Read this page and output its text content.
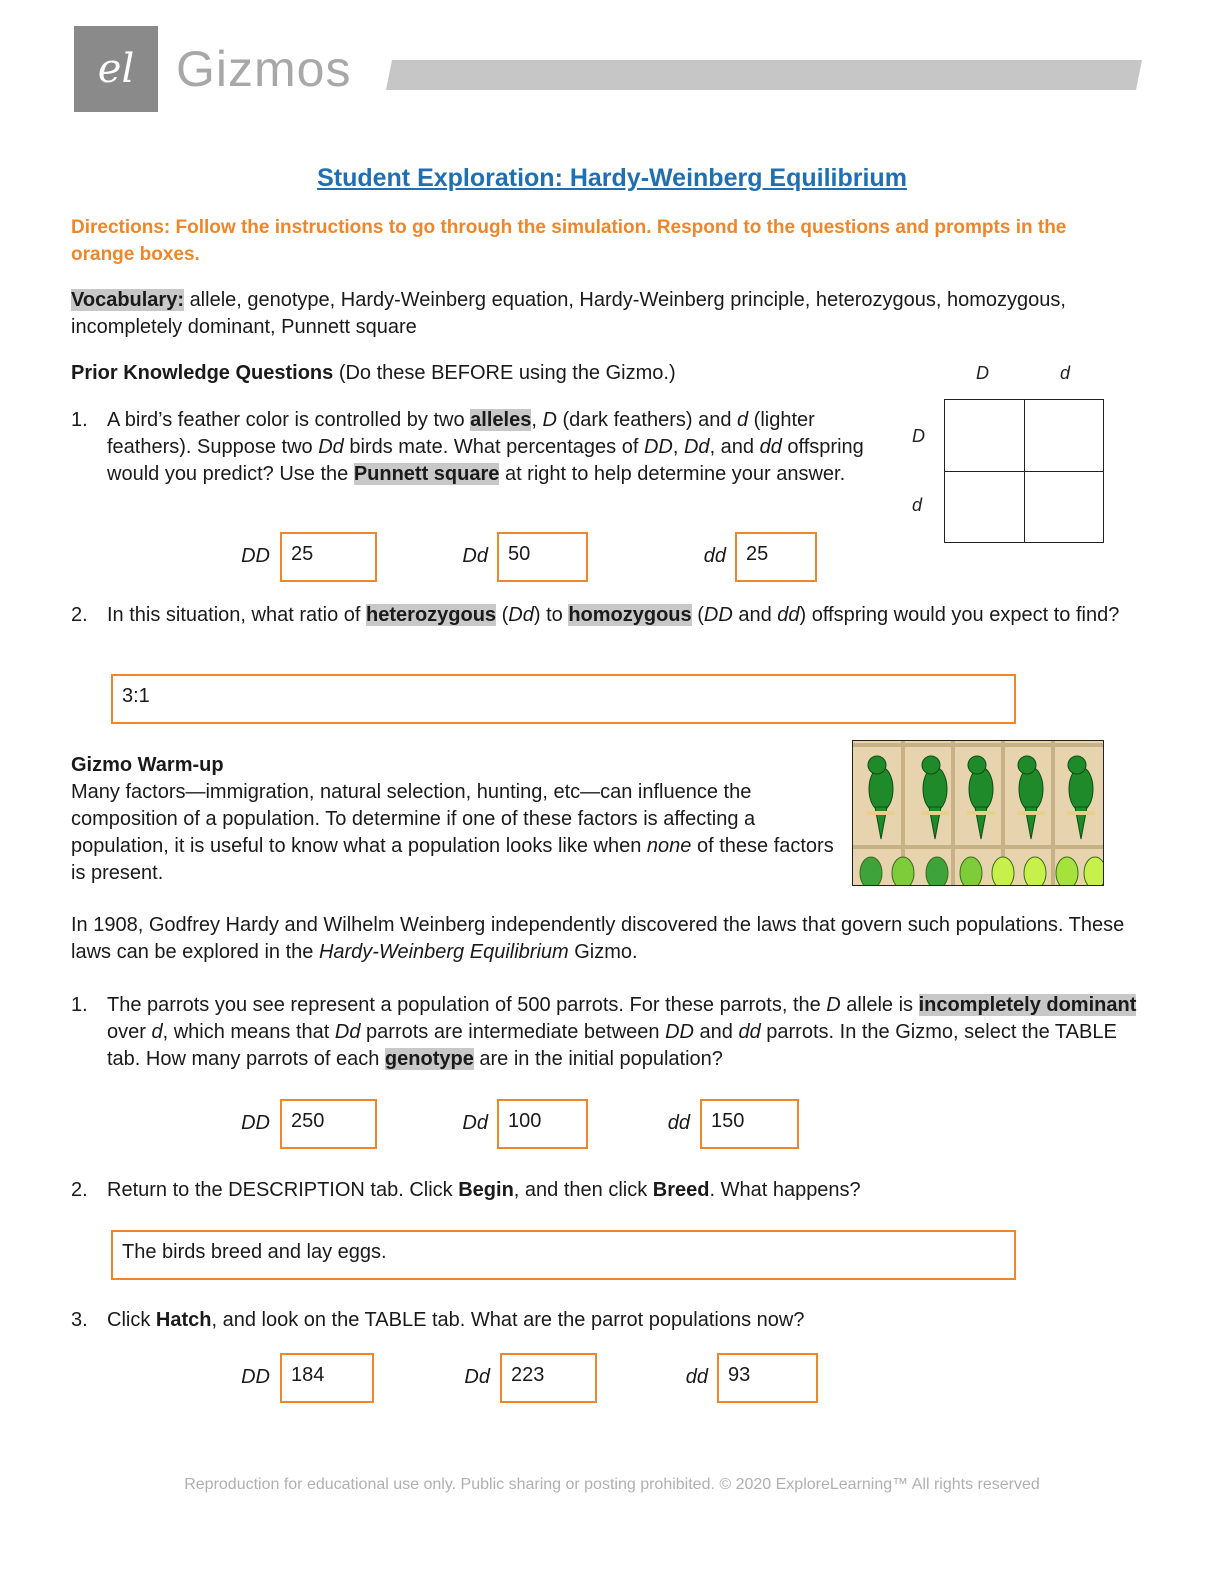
el Gizmos
Student Exploration: Hardy-Weinberg Equilibrium
Directions: Follow the instructions to go through the simulation. Respond to the questions and prompts in the orange boxes.
Vocabulary: allele, genotype, Hardy-Weinberg equation, Hardy-Weinberg principle, heterozygous, homozygous, incompletely dominant, Punnett square
Prior Knowledge Questions (Do these BEFORE using the Gizmo.)	D	d
D
d
1. A bird’s feather color is controlled by two alleles, D (dark feathers) and d (lighter feathers). Suppose two Dd birds mate. What percentages of DD, Dd, and dd offspring would you predict? Use the Punnett square at right to help determine your answer.
DD	25	Dd	50	dd	25
2. In this situation, what ratio of heterozygous (Dd) to homozygous (DD and dd) offspring would you expect to find?
3:1
Gizmo Warm-up
Many factors—immigration, natural selection, hunting, etc—can influence the composition of a population. To determine if one of these factors is affecting a population, it is useful to know what a population looks like when none of these factors is present.
In 1908, Godfrey Hardy and Wilhelm Weinberg independently discovered the laws that govern such populations. These laws can be explored in the Hardy-Weinberg Equilibrium Gizmo.
1. The parrots you see represent a population of 500 parrots. For these parrots, the D allele is incompletely dominant over d, which means that Dd parrots are intermediate between DD and dd parrots. In the Gizmo, select the TABLE tab. How many parrots of each genotype are in the initial population?
DD	250	Dd	100	dd	150
2. Return to the DESCRIPTION tab. Click Begin, and then click Breed. What happens?
The birds breed and lay eggs.
3. Click Hatch, and look on the TABLE tab. What are the parrot populations now?
DD	184	Dd	223	dd	93
Reproduction for educational use only. Public sharing or posting prohibited. © 2020 ExploreLearning™ All rights reserved
